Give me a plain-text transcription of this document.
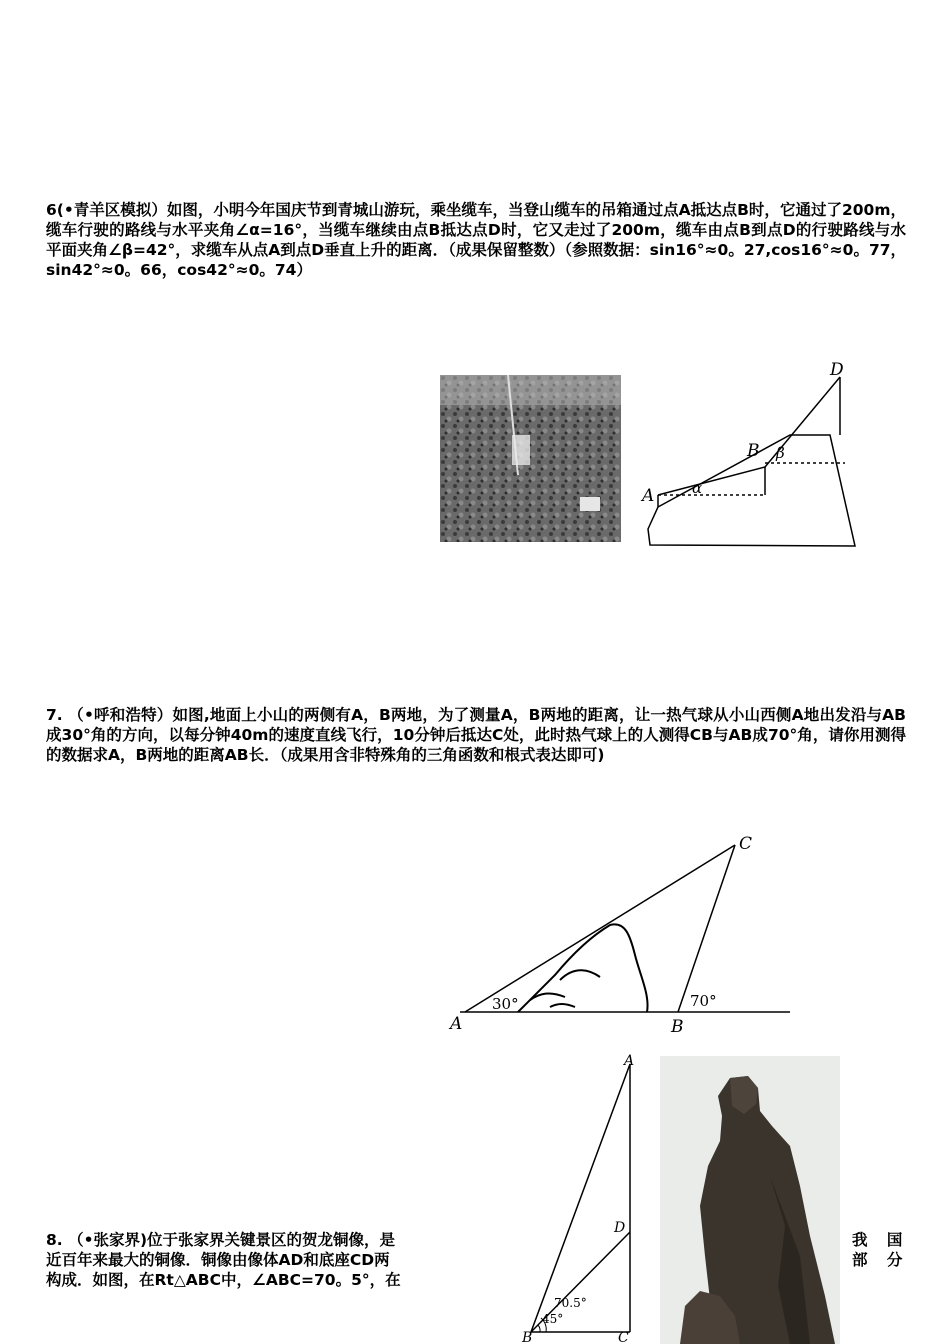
6(•青羊区模拟）如图，小明今年国庆节到青城山游玩，乘坐缆车，当登山缆车的吊箱通过点A抵达点B时，它通过了200m，缆车行驶的路线与水平夹角∠α=16°，当缆车继续由点B抵达点D时，它又走过了200m，缆车由点B到点D的行驶路线与水平面夹角∠β=42°，求缆车从点A到点D垂直上升的距离．（成果保留整数）（参照数据：sin16°≈0。27,cos16°≈0。77，sin42°≈0。66，cos42°≈0。74）
A
B
D
α
β
7. （•呼和浩特）如图,地面上小山的两侧有A，B两地，为了测量A，B两地的距离，让一热气球从小山西侧A地出发沿与AB成30°角的方向，以每分钟40m的速度直线飞行，10分钟后抵达C处，此时热气球上的人测得CB与AB成70°角，请你用测得的数据求A，B两地的距离AB长．（成果用含非特殊角的三角函数和根式表达即可)
A	B
C
30°	70°
8. （•张家界)位于张家界关键景区的贺龙铜像，是	我 国
近百年来最大的铜像．铜像由像体AD和底座CD两	部 分
构成．如图，在Rt△ABC中，∠ABC=70。5°，在
A
D
B	C
70.5°
45°
